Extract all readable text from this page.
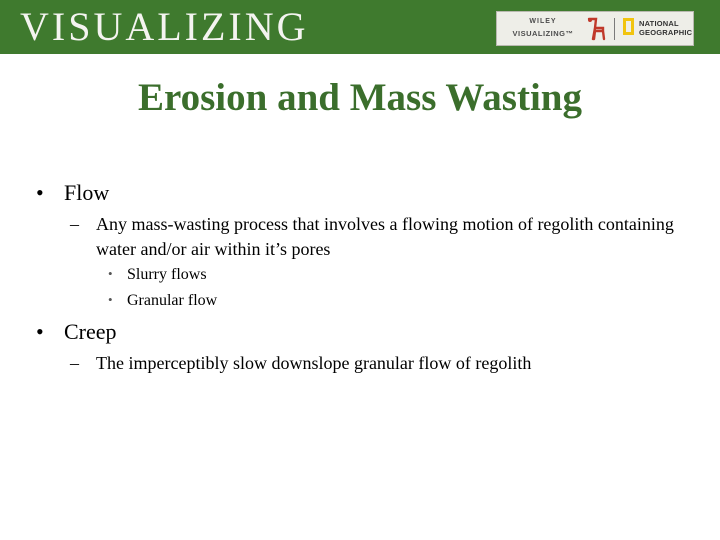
VISUALIZING	WILEY
VISUALIZING™
NATIONAL
GEOGRAPHIC
Erosion and Mass Wasting
• Flow
– Any mass-wasting process that involves a flowing motion of regolith containing water and/or air within it’s pores
• Slurry flows
• Granular flow
• Creep
– The imperceptibly slow downslope granular flow of regolith
